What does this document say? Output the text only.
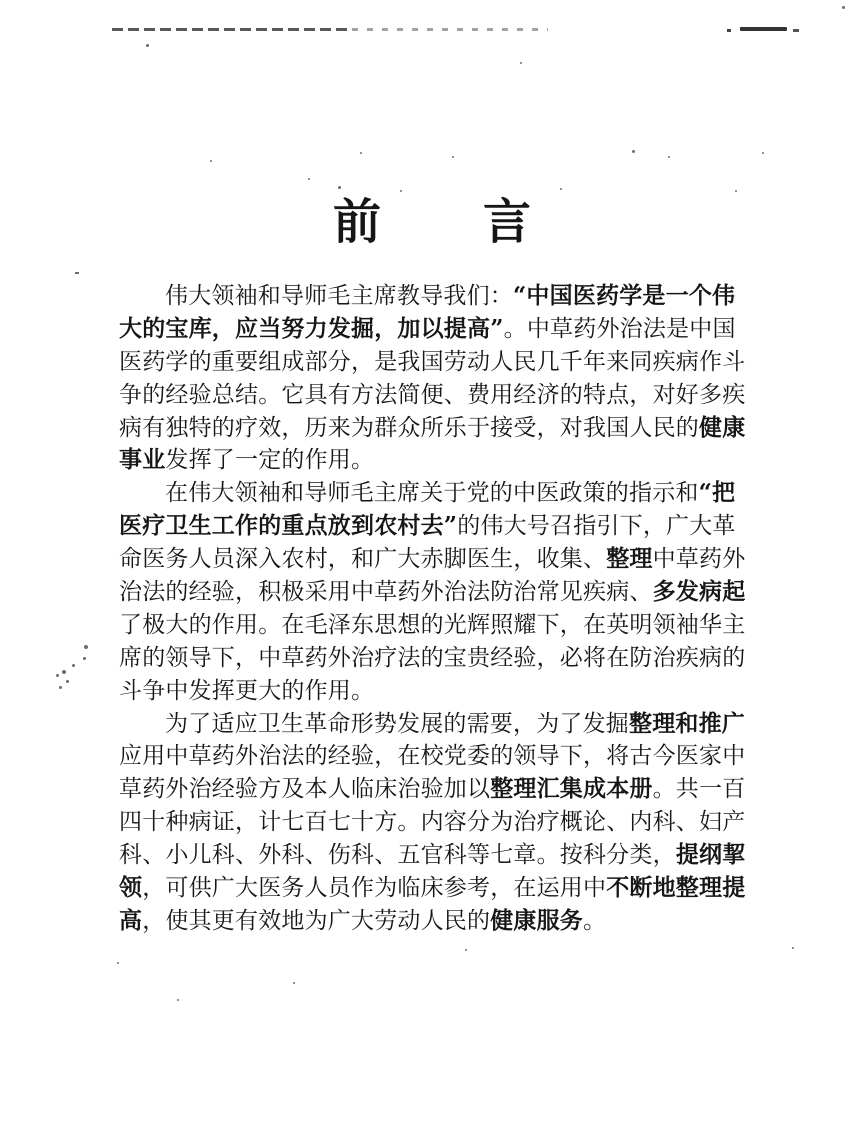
前　　言
伟大领袖和导师毛主席教导我们：“中国医药学是一个伟
大的宝库，应当努力发掘，加以提高”。中草药外治法是中国
医药学的重要组成部分，是我国劳动人民几千年来同疾病作斗
争的经验总结。它具有方法简便、费用经济的特点，对好多疾
病有独特的疗效，历来为群众所乐于接受，对我国人民的健康
事业发挥了一定的作用。
在伟大领袖和导师毛主席关于党的中医政策的指示和“把
医疗卫生工作的重点放到农村去”的伟大号召指引下，广大革
命医务人员深入农村，和广大赤脚医生，收集、整理中草药外
治法的经验，积极采用中草药外治法防治常见疾病、多发病起
了极大的作用。在毛泽东思想的光辉照耀下，在英明领袖华主
席的领导下，中草药外治疗法的宝贵经验，必将在防治疾病的
斗争中发挥更大的作用。
为了适应卫生革命形势发展的需要，为了发掘整理和推广
应用中草药外治法的经验，在校党委的领导下，将古今医家中
草药外治经验方及本人临床治验加以整理汇集成本册。共一百
四十种病证，计七百七十方。内容分为治疗概论、内科、妇产
科、小儿科、外科、伤科、五官科等七章。按科分类，提纲挈
领，可供广大医务人员作为临床参考，在运用中不断地整理提
高，使其更有效地为广大劳动人民的健康服务。
